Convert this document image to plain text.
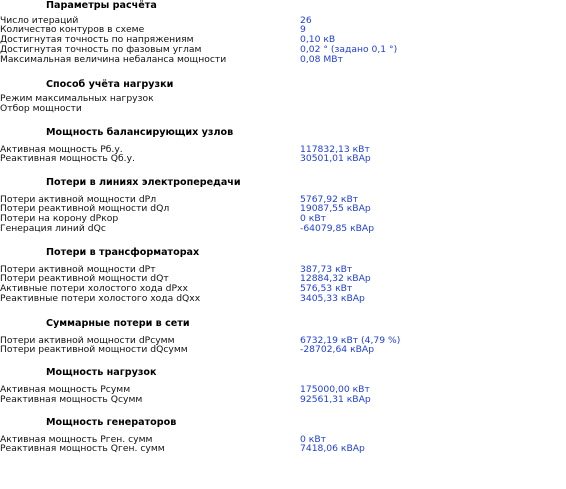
Параметры расчёта
Число итераций	26
Количество контуров в схеме	9
Достигнутая точность по напряжениям	0,10 кВ
Достигнутая точность по фазовым углам	0,02 ° (задано 0,1 °)
Максимальная величина небаланса мощности	0,08 МВт
Способ учёта нагрузки
Режим максимальных нагрузок
Отбор мощности
Мощность балансирующих узлов
Активная мощность Рб.у.	117832,13 кВт
Реактивная мощность Qб.у.	30501,01 кВАр
Потери в линиях электропередачи
Потери активной мощности dPл	5767,92 кВт
Потери реактивной мощности dQл	19087,55 кВАр
Потери на корону dPкор	0 кВт
Генерация линий dQс	-64079,85 кВАр
Потери в трансформаторах
Потери активной мощности dPт	387,73 кВт
Потери реактивной мощности dQт	12884,32 кВАр
Активные потери холостого хода dPхх	576,53 кВт
Реактивные потери холостого хода dQхх	3405,33 кВАр
Суммарные потери в сети
Потери активной мощности dPсумм	6732,19 кВт (4,79 %)
Потери реактивной мощности dQсумм	-28702,64 кВАр
Мощность нагрузок
Активная мощность Рсумм	175000,00 кВт
Реактивная мощность Qсумм	92561,31 кВАр
Мощность генераторов
Активная мощность Рген. сумм	0 кВт
Реактивная мощность Qген. сумм	7418,06 кВАр
